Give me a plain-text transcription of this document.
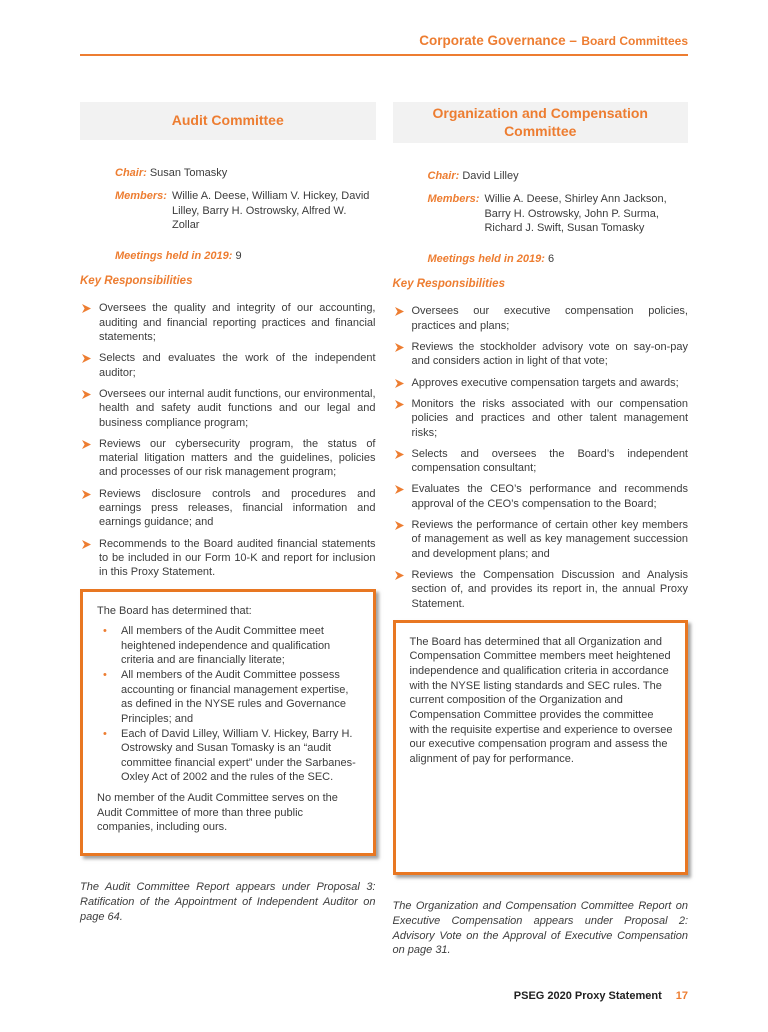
Corporate Governance – Board Committees
Audit Committee
Chair: Susan Tomasky
Members: Willie A. Deese, William V. Hickey, David Lilley, Barry H. Ostrowsky, Alfred W. Zollar
Meetings held in 2019: 9
Key Responsibilities
Oversees the quality and integrity of our accounting, auditing and financial reporting practices and financial statements;
Selects and evaluates the work of the independent auditor;
Oversees our internal audit functions, our environmental, health and safety audit functions and our legal and business compliance program;
Reviews our cybersecurity program, the status of material litigation matters and the guidelines, policies and processes of our risk management program;
Reviews disclosure controls and procedures and earnings press releases, financial information and earnings guidance; and
Recommends to the Board audited financial statements to be included in our Form 10-K and report for inclusion in this Proxy Statement.

The Board has determined that:

•	All members of the Audit Committee meet heightened independence and qualification criteria and are financially literate;
•	All members of the Audit Committee possess accounting or financial management expertise, as defined in the NYSE rules and Governance Principles; and
•	Each of David Lilley, William V. Hickey, Barry H. Ostrowsky and Susan Tomasky is an “audit committee financial expert” under the Sarbanes-Oxley Act of 2002 and the rules of the SEC.

No member of the Audit Committee serves on the Audit Committee of more than three public companies, including ours.

The Audit Committee Report appears under Proposal 3: Ratification of the Appointment of Independent Auditor on page 64.

Organization and Compensation Committee
Chair: David Lilley
Members: Willie A. Deese, Shirley Ann Jackson, Barry H. Ostrowsky, John P. Surma, Richard J. Swift, Susan Tomasky
Meetings held in 2019: 6
Key Responsibilities
Oversees our executive compensation policies, practices and plans;
Reviews the stockholder advisory vote on say-on-pay and considers action in light of that vote;
Approves executive compensation targets and awards;
Monitors the risks associated with our compensation policies and practices and other talent management risks;
Selects and oversees the Board’s independent compensation consultant;
Evaluates the CEO’s performance and recommends approval of the CEO’s compensation to the Board;
Reviews the performance of certain other key members of management as well as key management succession and development plans; and
Reviews the Compensation Discussion and Analysis section of, and provides its report in, the annual Proxy Statement.

The Board has determined that all Organization and Compensation Committee members meet heightened independence and qualification criteria in accordance with the NYSE listing standards and SEC rules. The current composition of the Organization and Compensation Committee provides the committee with the requisite expertise and experience to oversee our executive compensation program and assess the alignment of pay for performance.

The Organization and Compensation Committee Report on Executive Compensation appears under Proposal 2: Advisory Vote on the Approval of Executive Compensation on page 31.

PSEG 2020 Proxy Statement 17
